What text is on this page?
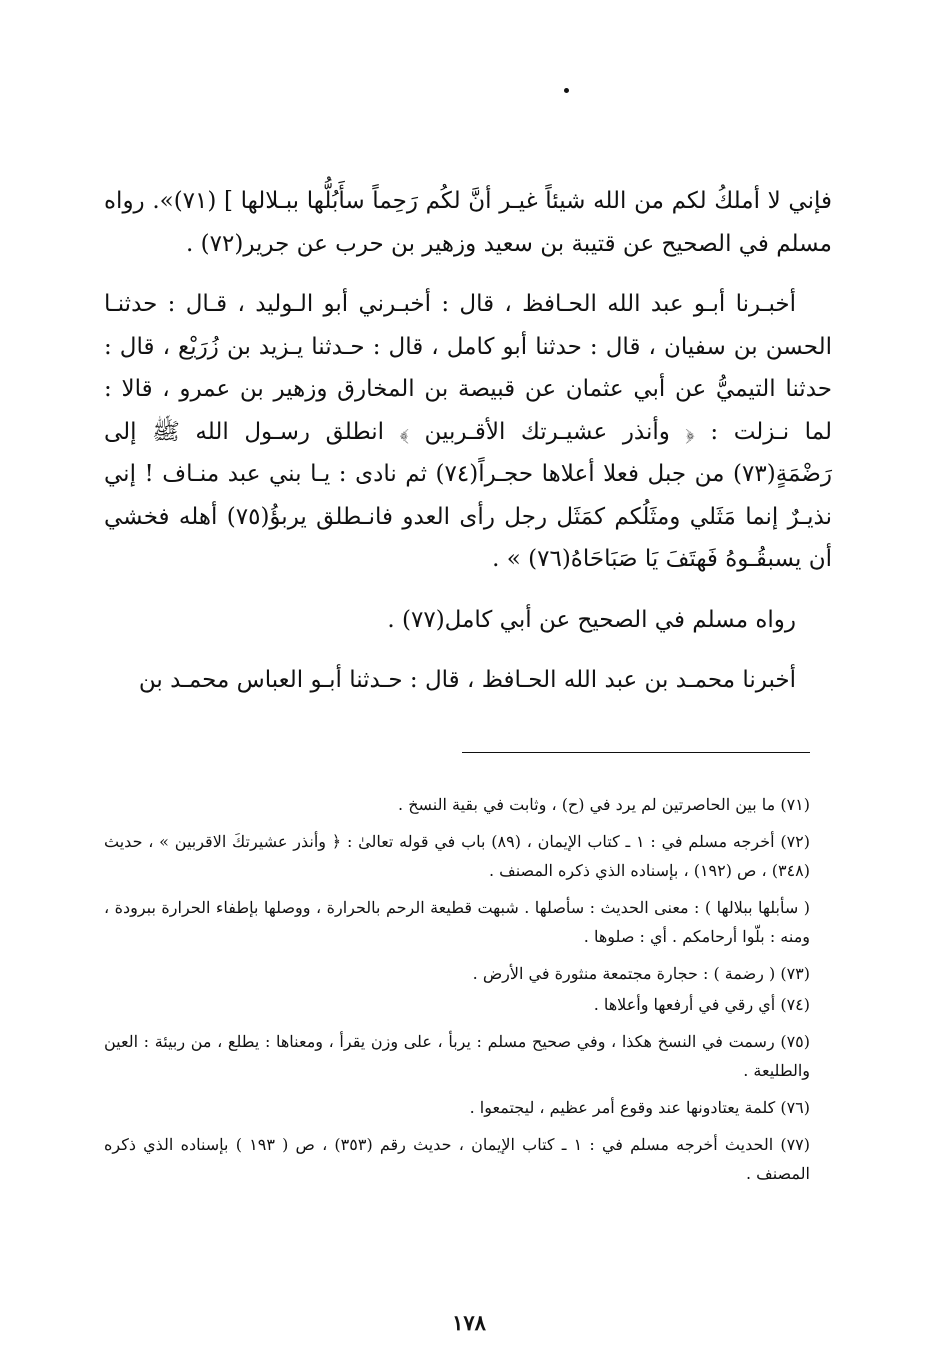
فإني لا أملكُ لكم من الله شيئاً غيـر أنَّ لكُم رَحِماً سأَبُلُّها ببـلالها ] (٧١)». رواه مسلم في الصحيح عن قتيبة بن سعيد وزهير بن حرب عن جرير(٧٢) .

أخبـرنا أبـو عبد الله الحـافظ ، قال : أخبـرني أبو الـوليد ، قـال : حدثنـا الحسن بن سفيان ، قال : حدثنا أبو كامل ، قال : حـدثنا يـزيد بن زُرَيْع ، قال : حدثنا التيميُّ عن أبي عثمان عن قبيصة بن المخارق وزهير بن عمرو ، قالا : لما نـزلت : ﴿ وأنذر عشيـرتك الأقـربين ﴾ انطلق رسـول الله ﷺ إلى رَضْمَةٍ(٧٣) من جبل فعلا أعلاها حجـراً(٧٤) ثم نادى : يـا بني عبد منـاف ! إني نذيـرٌ إنما مَثَلي ومثَلُكم كمَثَل رجل رأى العدو فانـطلق يربؤُ(٧٥) أهله فخشي أن يسبقُـوهُ فَهتَفَ يَا صَبَاحَاهُ(٧٦) » .

رواه مسلم في الصحيح عن أبي كامل(٧٧) .

أخبرنا محمـد بن عبد الله الحـافظ ، قال : حـدثنا أبـو العباس محمـد بن

(٧١) ما بين الحاصرتين لم يرد في (ح) ، وثابت في بقية النسخ .

(٧٢) أخرجه مسلم في : ١ ـ كتاب الإيمان ، (٨٩) باب في قوله تعالىٰ : ﴿ وأنذر عشيرتكَ الاقربين » ، حديث (٣٤٨) ، ص (١٩٢) ، بإسناده الذي ذكره المصنف .

( سأبلها ببلالها ) : معنى الحديث : سأصلها . شبهت قطيعة الرحم بالحرارة ، ووصلها بإطفاء الحرارة ببرودة ، ومنه : بلّوا أرحامكم . أي : صلوها .

(٧٣) ( رضمة ) : حجارة مجتمعة منثورة في الأرض .

(٧٤) أي رقي في أرفعها وأعلاها .

(٧٥) رسمت في النسخ هكذا ، وفي صحيح مسلم : يربأ ، على وزن يقرأ ، ومعناها : يطلع ، من ربيئة : العين والطليعة .

(٧٦) كلمة يعتادونها عند وقوع أمر عظيم ، ليجتمعوا .

(٧٧) الحديث أخرجه مسلم في : ١ ـ كتاب الإيمان ، حديث رقم (٣٥٣) ، ص ( ١٩٣ ) بإسناده الذي ذكره المصنف .

١٧٨
